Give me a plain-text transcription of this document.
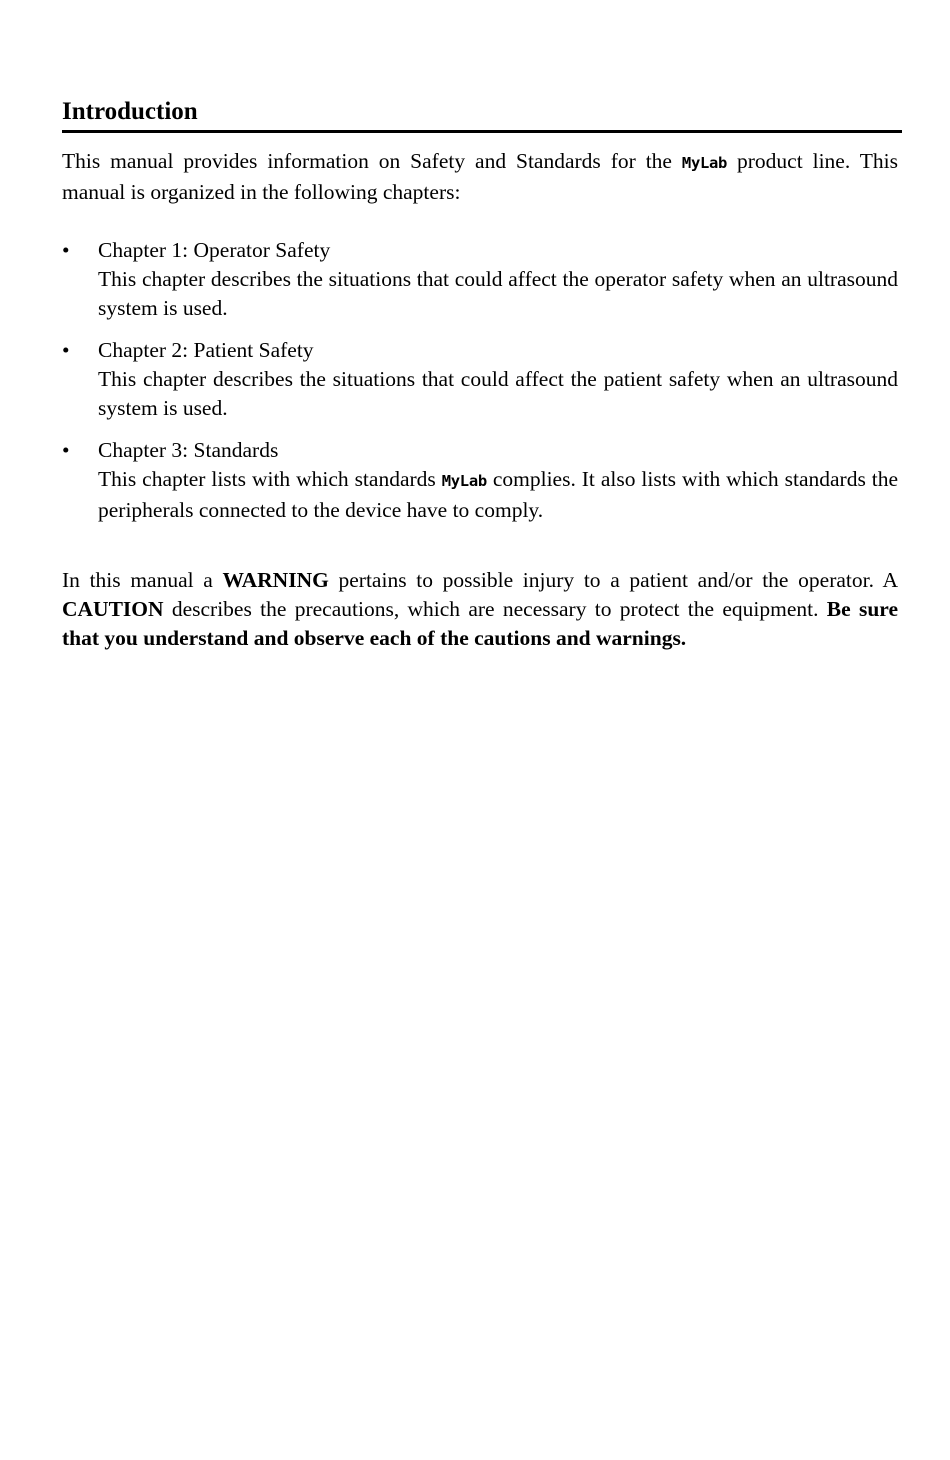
Introduction

This manual provides information on Safety and Standards for the MyLab product line. This manual is organized in the following chapters:

• Chapter 1: Operator Safety
This chapter describes the situations that could affect the operator safety when an ultrasound system is used.
• Chapter 2: Patient Safety
This chapter describes the situations that could affect the patient safety when an ultrasound system is used.
• Chapter 3: Standards
This chapter lists with which standards MyLab complies. It also lists with which standards the peripherals connected to the device have to comply.

In this manual a WARNING pertains to possible injury to a patient and/or the operator. A CAUTION describes the precautions, which are necessary to protect the equipment. Be sure that you understand and observe each of the cautions and warnings.
